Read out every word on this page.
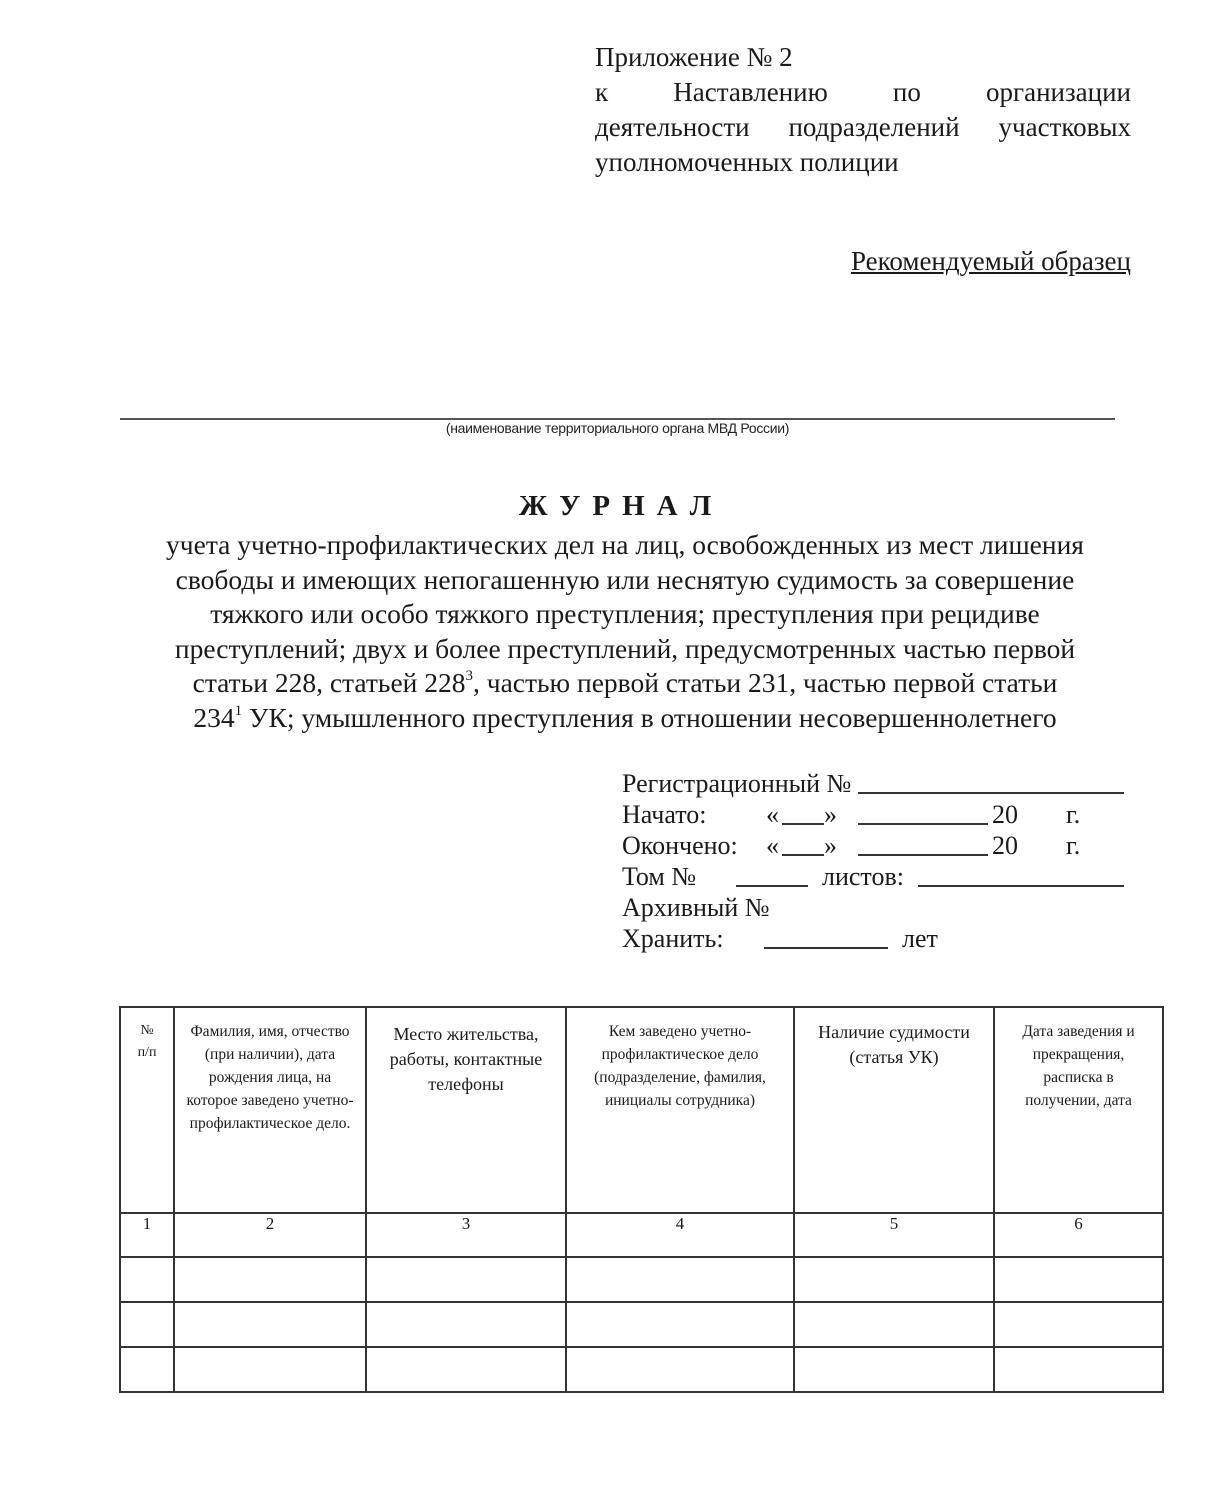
Приложение № 2
к Наставлению по организации
деятельности подразделений участковых
уполномоченных полиции
Рекомендуемый образец
(наименование территориального органа МВД России)
ЖУРНАЛ
учета учетно-профилактических дел на лиц, освобожденных из мест лишения
свободы и имеющих непогашенную или неснятую судимость за совершение
тяжкого или особо тяжкого преступления; преступления при рецидиве
преступлений; двух и более преступлений, предусмотренных частью первой
статьи 228, статьей $228^3$, частью первой статьи 231, частью первой статьи
$234^1$ УК; умышленного преступления в отношении несовершеннолетнего
Регистрационный №
Начато: « »	20 г.
Окончено: « »	20 г.
Том №	листов:
Архивный №
Хранить:	лет
№ п/п	Фамилия, имя, отчество (при наличии), дата рождения лица, на которое заведено учетно-профилактическое дело.	Место жительства, работы, контактные телефоны	Кем заведено учетно-профилактическое дело (подразделение, фамилия, инициалы сотрудника)	Наличие судимости (статья УК)	Дата заведения и прекращения, расписка в получении, дата

1	2	3	4	5	6
